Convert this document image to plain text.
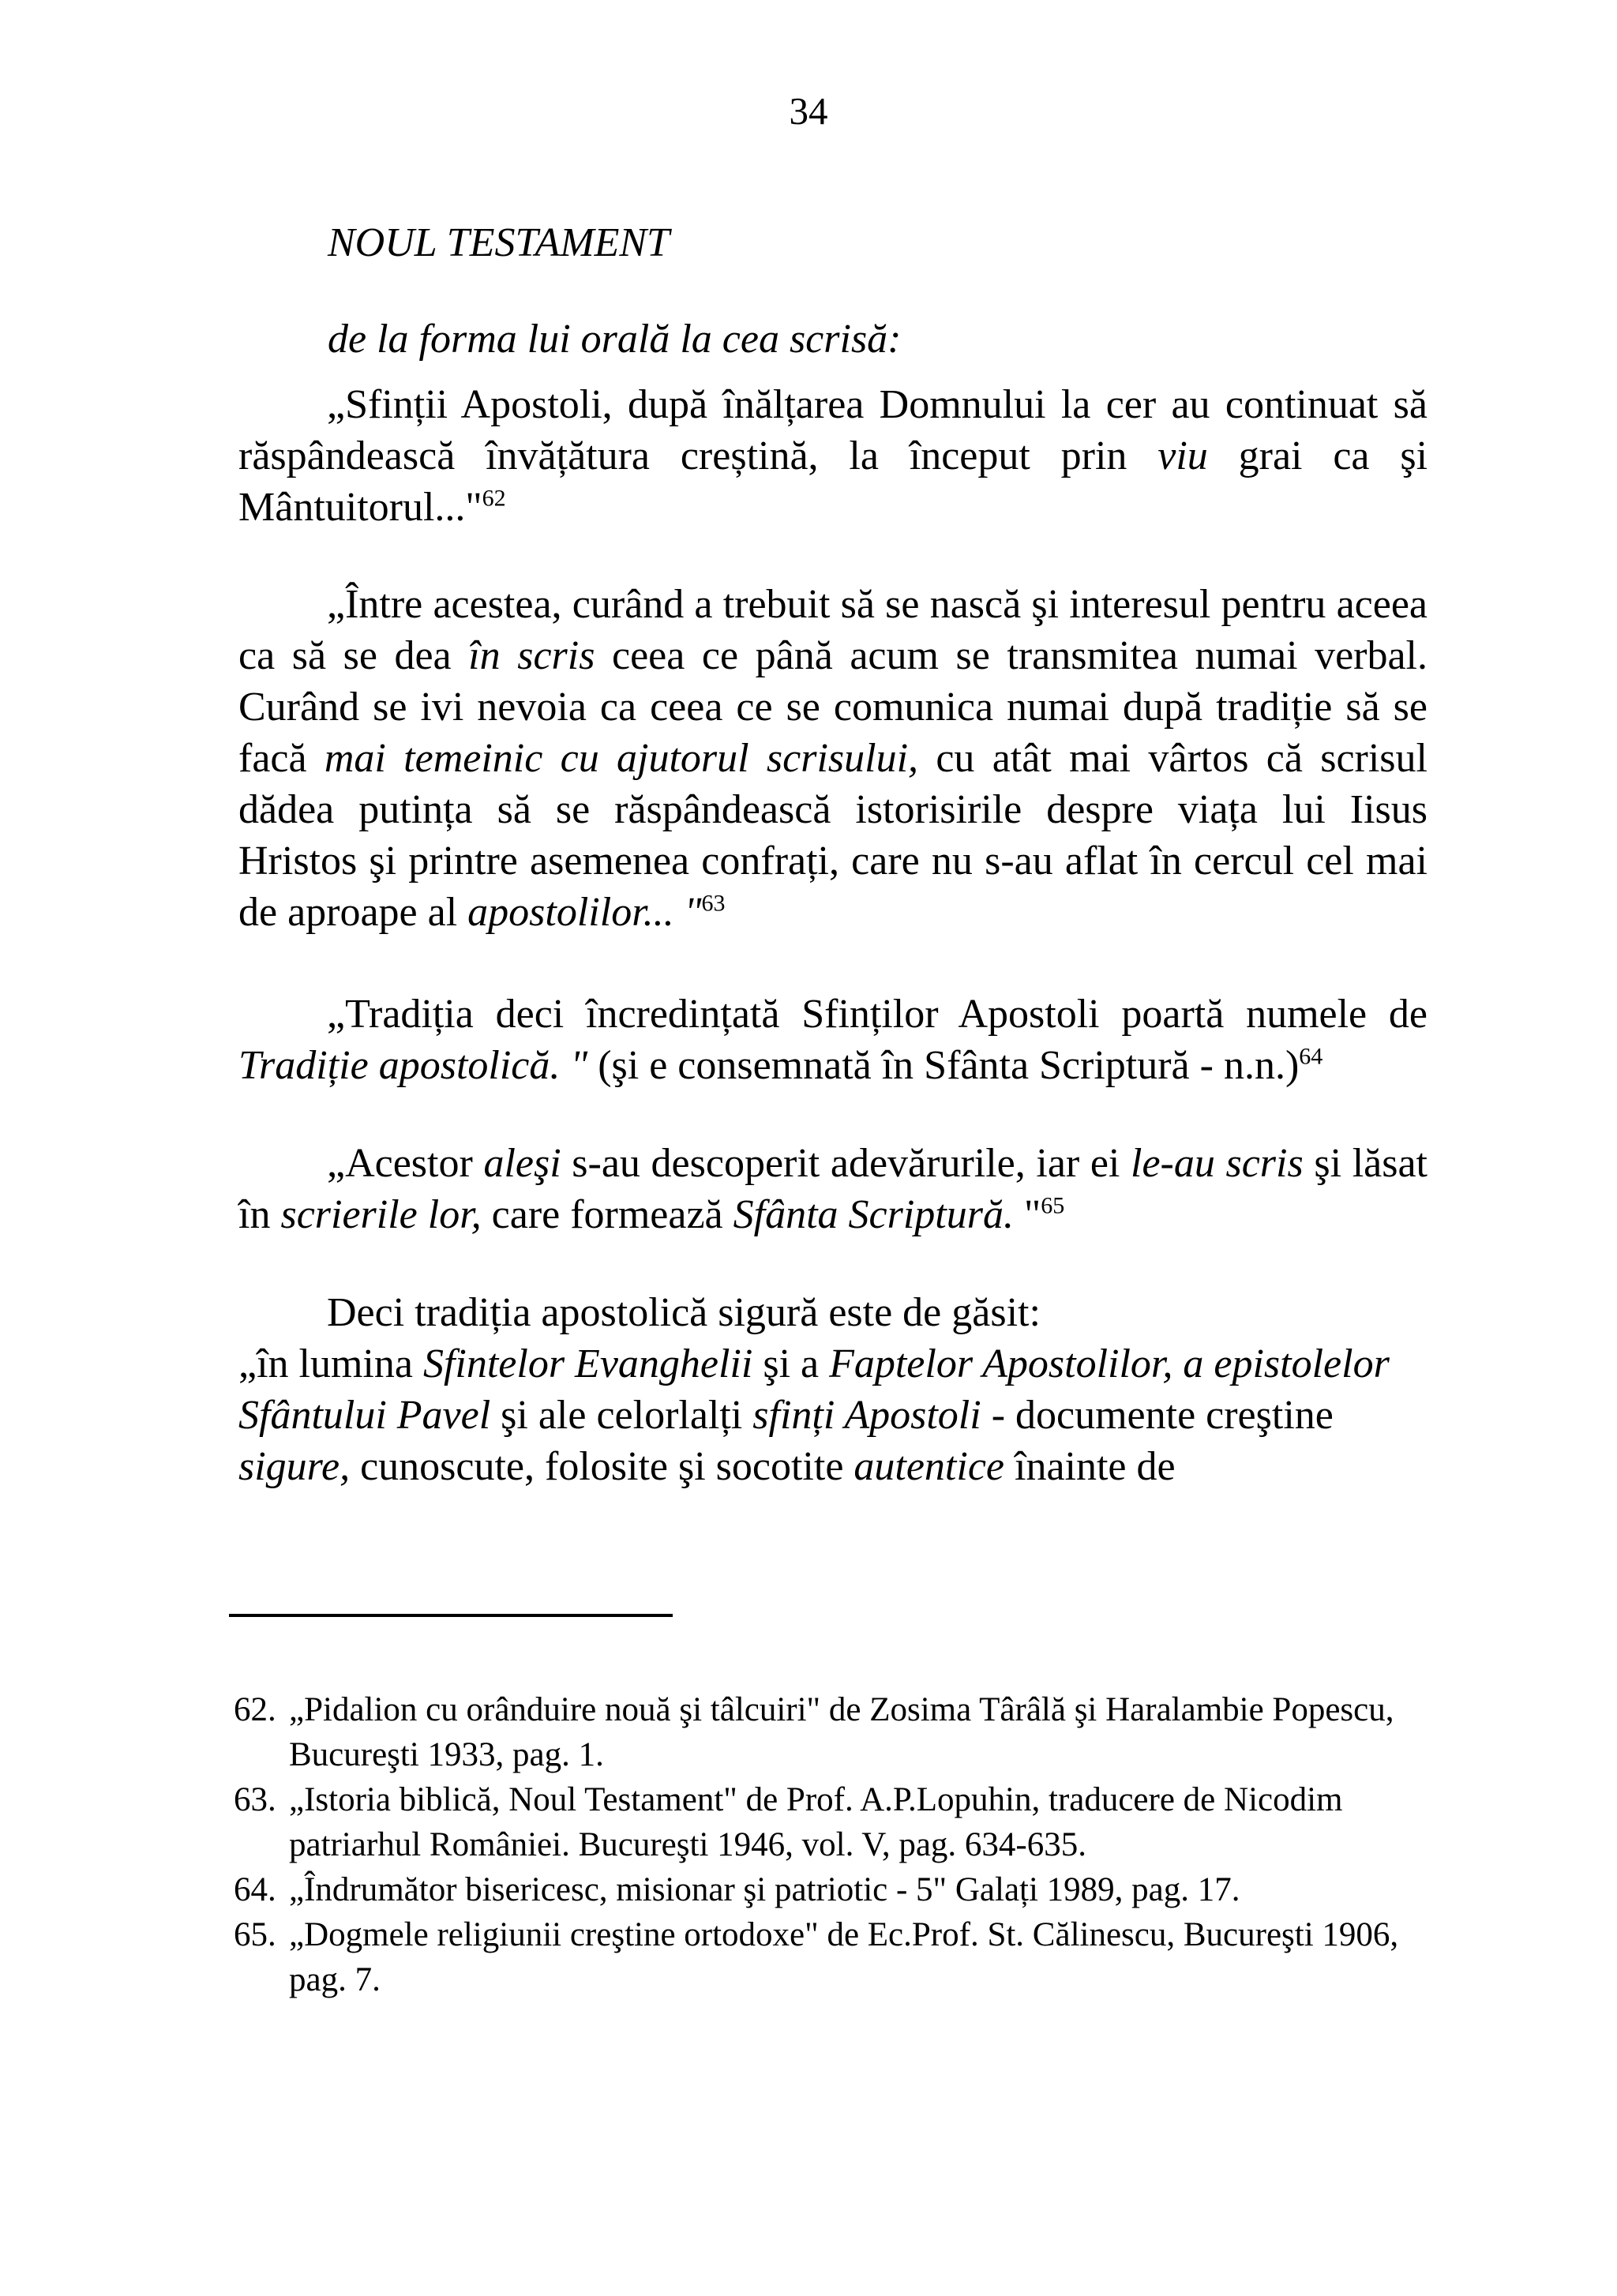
34
NOUL TESTAMENT
de la forma lui orală la cea scrisă:
„Sfinții Apostoli, după înălțarea Domnului la cer au continuat să răspândească învățătura creștină, la început prin viu grai ca şi Mântuitorul..."$^{62}$
„Între acestea, curând a trebuit să se nască şi interesul pentru aceea ca să se dea în scris ceea ce până acum se transmitea numai verbal. Curând se ivi nevoia ca ceea ce se comunica numai după tradiție să se facă mai temeinic cu ajutorul scrisului, cu atât mai vârtos că scrisul dădea putința să se răspândească istorisirile despre viața lui Iisus Hristos şi printre asemenea confrați, care nu s-au aflat în cercul cel mai de aproape al apostolilor... "$^{63}$
„Tradiția deci încredințată Sfinților Apostoli poartă numele de Tradiție apostolică. " (şi e consemnată în Sfânta Scriptură - n.n.)$^{64}$
„Acestor aleşi s-au descoperit adevărurile, iar ei le-au scris şi lăsat în scrierile lor, care formează Sfânta Scriptură. "$^{65}$
Deci tradiția apostolică sigură este de găsit:
„în lumina Sfintelor Evanghelii şi a Faptelor Apostolilor, a epistolelor Sfântului Pavel şi ale celorlalți sfinți Apostoli - documente creştine sigure, cunoscute, folosite şi socotite autentice înainte de
62. „Pidalion cu orânduire nouă şi tâlcuiri" de Zosima Târâlă şi Haralambie Popescu, Bucureşti 1933, pag. 1.
63. „Istoria biblică, Noul Testament" de Prof. A.P.Lopuhin, traducere de Nicodim patriarhul României. Bucureşti 1946, vol. V, pag. 634-635.
64. „Îndrumător bisericesc, misionar şi patriotic - 5" Galați 1989, pag. 17.
65. „Dogmele religiunii creştine ortodoxe" de Ec.Prof. St. Călinescu, Bucureşti 1906, pag. 7.
